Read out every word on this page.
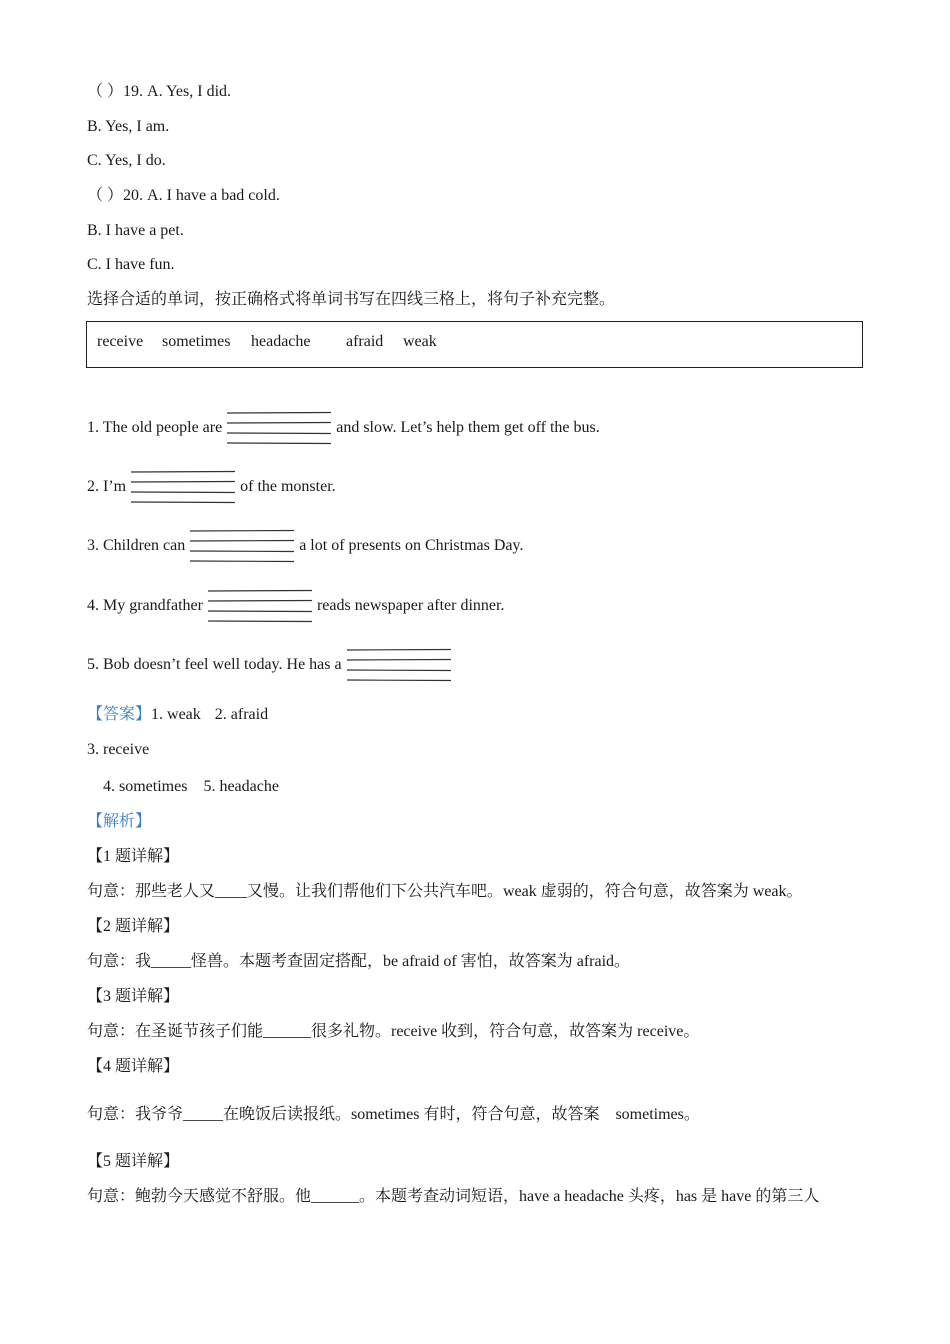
（ ）19. A. Yes, I did.
B. Yes, I am.
C. Yes, I do.
（ ）20. A. I have a bad cold.
B. I have a pet.
C. I have fun.
选择合适的单词，按正确格式将单词书写在四线三格上，将句子补充完整。
receive sometimes headache afraid weak
1. The old people are	and slow. Let’s help them get off the bus.
2. I’m	of the monster.
3. Children can	a lot of presents on Christmas Day.
4. My grandfather	reads newspaper after dinner.
5. Bob doesn’t feel well today. He has a
【答案】1. weak 2. afraid
3. receive
4. sometimes 5. headache
【解析】
【1 题详解】
句意：那些老人又____又慢。让我们帮他们下公共汽车吧。weak 虚弱的，符合句意，故答案为 weak。
【2 题详解】
句意：我_____怪兽。本题考查固定搭配，be afraid of 害怕，故答案为 afraid。
【3 题详解】
句意：在圣诞节孩子们能______很多礼物。receive 收到，符合句意，故答案为 receive。
【4 题详解】
句意：我爷爷_____在晚饭后读报纸。sometimes 有时，符合句意，故答案    sometimes。
【5 题详解】
句意：鲍勃今天感觉不舒服。他______。本题考查动词短语，have a headache 头疼，has 是 have 的第三人
